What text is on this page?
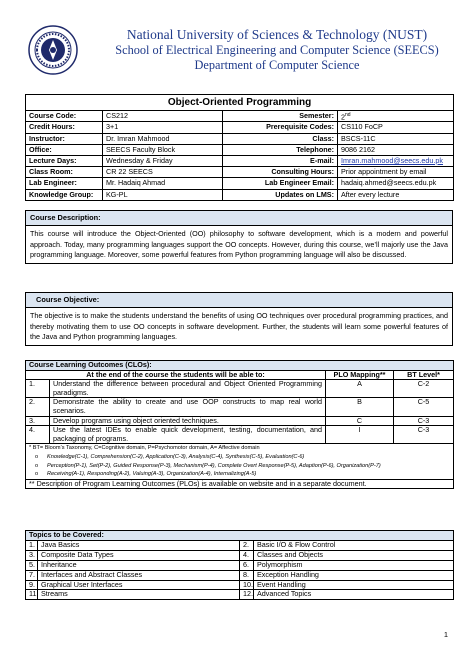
National University of Sciences & Technology (NUST)
School of Electrical Engineering and Computer Science (SEECS)
Department of Computer Science
Object-Oriented Programming			
Course Code:	CS212	Semester:	2nd
Credit Hours:	3+1	Prerequisite Codes:	CS110 FoCP
Instructor:	Dr. Imran Mahmood	Class:	BSCS-11C
Office:	SEECS Faculty Block	Telephone:	9086 2162
Lecture Days:	Wednesday & Friday	E-mail:	Imran.mahmood@seecs.edu.pk
Class Room:	CR 22 SEECS	Consulting Hours:	Prior appointment by email
Lab Engineer:	Mr. Hadaiq Ahmad	Lab Engineer Email:	hadaiq.ahmed@seecs.edu.pk
Knowledge Group:	KG-PL	Updates on LMS:	After every lecture
Course Description:
This course will introduce the Object-Oriented (OO) philosophy to software development, which is a modern and powerful approach. Today, many programming languages support the OO concepts. However, during this course, we’ll majorly use the Java programming language. Moreover, some powerful features from Python programming language will also be discussed.
Course Objective:
The objective is to make the students understand the benefits of using OO techniques over procedural programming practices, and thereby motivating them to use OO concepts in software development. Further, the students will learn some powerful features of the Java and Python programming languages.
Course Learning Outcomes (CLOs):			
At the end of the course the students will be able to:		PLO Mapping**	BT Level*
1.	Understand the difference between procedural and Object Oriented Programming paradigms.	A	C-2
2.	Demonstrate the ability to create and use OOP constructs to map real world scenarios.	B	C-5
3.	Develop programs using object oriented techniques.	C	C-3
4.	Use the latest IDEs to enable quick development, testing, documentation, and packaging of programs.	I	C-3

* BT= Bloom’s Taxonomy, C=Cognitive domain, P=Psychomotor domain, A= Affective domain
o Knowledge(C-1), Comprehension(C-2), Application(C-3), Analysis(C-4), Synthesis(C-5), Evaluation(C-6)
o Perception(P-1), Set(P-2), Guided Response(P-3), Mechanism(P-4), Complete Overt Response(P-5), Adaption(P-6), Organization(P-7)
o Receiving(A-1), Responding(A-2), Valuing(A-3), Organization(A-4), Internalizing(A-5)			

** Description of Program Learning Outcomes (PLOs) is available on website and in a separate document.			
Topics to be Covered:			
1.	Java Basics	2.	Basic I/O & Flow Control
3.	Composite Data Types	4.	Classes and Objects
5.	Inheritance	6.	Polymorphism
7.	Interfaces and Abstract Classes	8.	Exception Handling
9.	Graphical User Interfaces	10.	Event Handling
11.	Streams	12.	Advanced Topics
1
